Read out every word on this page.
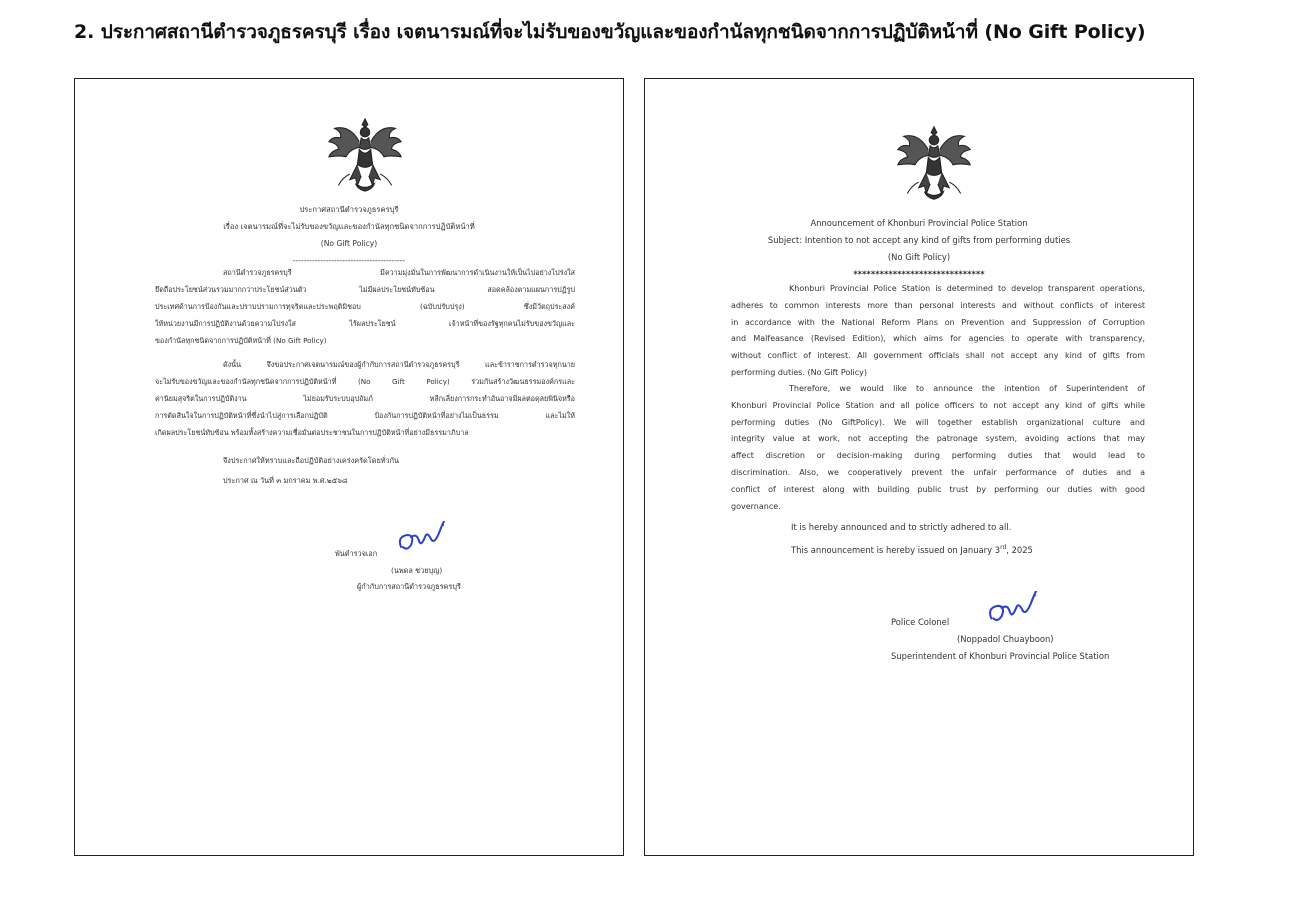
2. ประกาศสถานีตำรวจภูธรครบุรี เรื่อง เจตนารมณ์ที่จะไม่รับของขวัญและของกำนัลทุกชนิดจากการปฏิบัติหน้าที่ (No Gift Policy)
ประกาศสถานีตำรวจภูธรครบุรี
เรื่อง เจตนารมณ์ที่จะไม่รับของขวัญและของกำนัลทุกชนิดจากการปฏิบัติหน้าที่
(No Gift Policy)
-----------------------------------------
สถานีตำรวจภูธรครบุรี มีความมุ่งมั่นในการพัฒนาการดำเนินงานให้เป็นไปอย่างโปร่งใส
ยึดถือประโยชน์ส่วนรวมมากกว่าประโยชน์ส่วนตัว ไม่มีผลประโยชน์ทับซ้อน สอดคล้องตามแผนการปฏิรูป
ประเทศด้านการป้องกันและปราบปรามการทุจริตและประพฤติมิชอบ (ฉบับปรับปรุง) ซึ่งมีวัตถุประสงค์
ให้หน่วยงานมีการปฏิบัติงานด้วยความโปร่งใส ไร้ผลประโยชน์ เจ้าหน้าที่ของรัฐทุกคนไม่รับของขวัญและ
ของกำนัลทุกชนิดจากการปฏิบัติหน้าที่ (No Gift Policy)
ดังนั้น จึงขอประกาศเจตนารมณ์ของผู้กำกับการสถานีตำรวจภูธรครบุรี และข้าราชการตำรวจทุกนาย
จะไม่รับของขวัญและของกำนัลทุกชนิดจากการปฏิบัติหน้าที่ (No Gift Policy) ร่วมกันสร้างวัฒนธรรมองค์กรและ
ค่านิยมสุจริตในการปฏิบัติงาน ไม่ยอมรับระบบอุปถัมภ์ หลีกเลี่ยงการกระทำอันอาจมีผลต่อดุลยพินิจหรือ
การตัดสินใจในการปฏิบัติหน้าที่ซึ่งนำไปสู่การเลือกปฏิบัติ ป้องกันการปฏิบัติหน้าที่อย่างไม่เป็นธรรม และไม่ให้
เกิดผลประโยชน์ทับซ้อน พร้อมทั้งสร้างความเชื่อมั่นต่อประชาชนในการปฏิบัติหน้าที่อย่างมีธรรมาภิบาล
จึงประกาศให้ทราบและถือปฏิบัติอย่างเคร่งครัดโดยทั่วกัน
ประกาศ ณ วันที่ ๓ มกราคม พ.ศ.๒๕๖๘
พันตำรวจเอก
(นพดล ช่วยบุญ)
ผู้กำกับการสถานีตำรวจภูธรครบุรี
Announcement of Khonburi Provincial Police Station
Subject: Intention to not accept any kind of gifts from performing duties
(No Gift Policy)
******************************
Khonburi Provincial Police Station is determined to develop transparent operations,
adheres to common interests more than personal interests and without conflicts of interest
in accordance with the National Reform Plans on Prevention and Suppression of Corruption
and Malfeasance (Revised Edition), which aims for agencies to operate with transparency,
without conflict of interest. All government officials shall not accept any kind of gifts from
performing duties. (No Gift Policy)
Therefore, we would like to announce the intention of Superintendent of
Khonburi Provincial Police Station and all police officers to not accept any kind of gifts while
performing duties (No GiftPolicy). We will together establish organizational culture and
integrity value at work, not accepting the patronage system, avoiding actions that may
affect discretion or decision-making during performing duties that would lead to
discrimination. Also, we cooperatively prevent the unfair performance of duties and a
conflict of interest along with building public trust by performing our duties with good
governance.
It is hereby announced and to strictly adhered to all.
This announcement is hereby issued on January 3rd, 2025
Police Colonel
(Noppadol Chuayboon)
Superintendent of Khonburi Provincial Police Station
